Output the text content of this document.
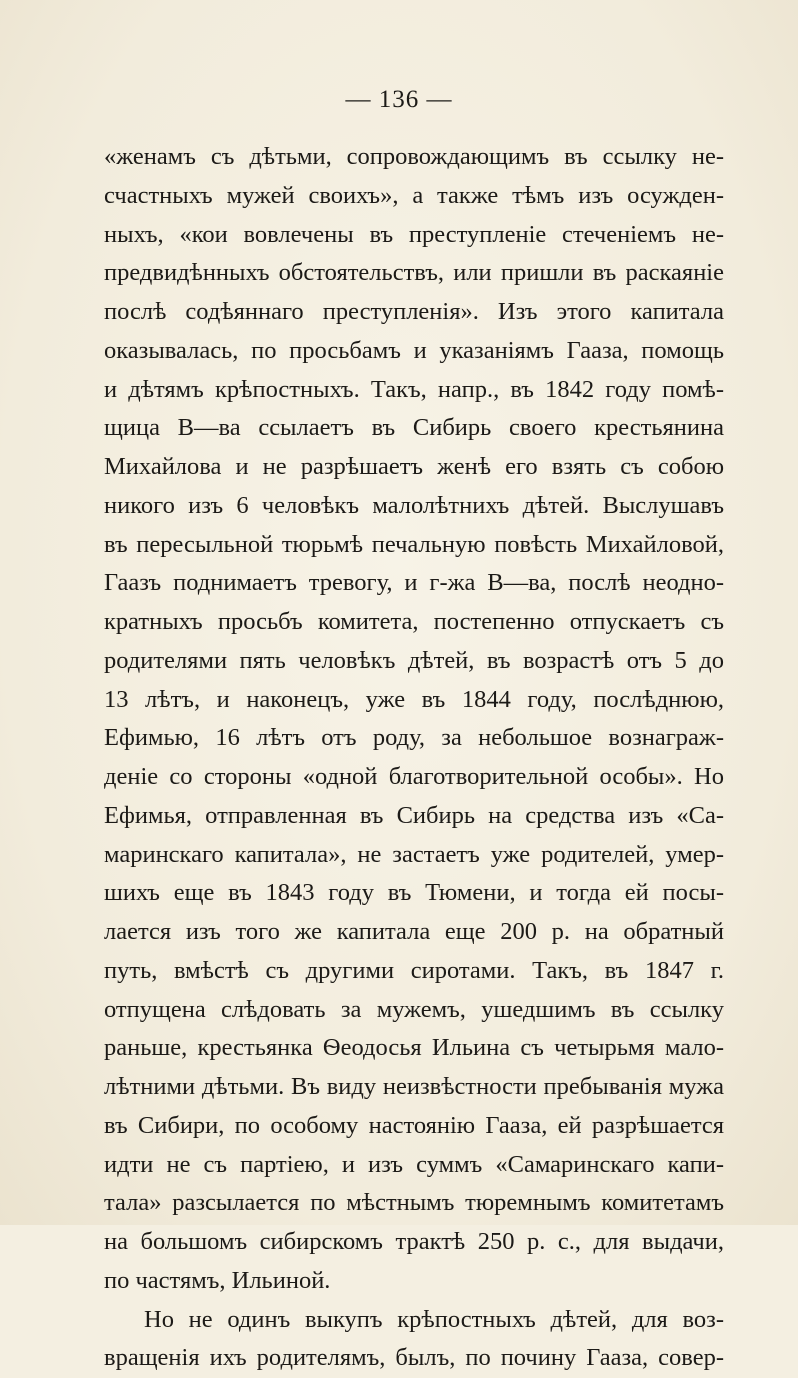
— 136 —
«женамъ съ дѣтьми, сопровождающимъ въ ссылку не-
счастныхъ мужей своихъ», а также тѣмъ изъ осужден-
ныхъ, «кои вовлечены въ преступленіе стеченіемъ не-
предвидѣнныхъ обстоятельствъ, или пришли въ раскаяніе
послѣ содѣяннаго преступленія». Изъ этого капитала
оказывалась, по просьбамъ и указаніямъ Гааза, помощь
и дѣтямъ крѣпостныхъ. Такъ, напр., въ 1842 году помѣ-
щица В—ва ссылаетъ въ Сибирь своего крестьянина
Михайлова и не разрѣшаетъ женѣ его взять съ собою
никого изъ 6 человѣкъ малолѣтнихъ дѣтей. Выслушавъ
въ пересыльной тюрьмѣ печальную повѣсть Михайловой,
Гаазъ поднимаетъ тревогу, и г-жа В—ва, послѣ неодно-
кратныхъ просьбъ комитета, постепенно отпускаетъ съ
родителями пять человѣкъ дѣтей, въ возрастѣ отъ 5 до
13 лѣтъ, и наконецъ, уже въ 1844 году, послѣднюю,
Ефимью, 16 лѣтъ отъ роду, за небольшое вознаграж-
деніе со стороны «одной благотворительной особы». Но
Ефимья, отправленная въ Сибирь на средства изъ «Са-
маринскаго капитала», не застаетъ уже родителей, умер-
шихъ еще въ 1843 году въ Тюмени, и тогда ей посы-
лается изъ того же капитала еще 200 р. на обратный
путь, вмѣстѣ съ другими сиротами. Такъ, въ 1847 г.
отпущена слѣдовать за мужемъ, ушедшимъ въ ссылку
раньше, крестьянка Ѳеодосья Ильина съ четырьмя мало-
лѣтними дѣтьми. Въ виду неизвѣстности пребыванія мужа
въ Сибири, по особому настоянію Гааза, ей разрѣшается
идти не съ партіею, и изъ суммъ «Самаринскаго капи-
тала» разсылается по мѣстнымъ тюремнымъ комитетамъ
на большомъ сибирскомъ трактѣ 250 р. с., для выдачи,
по частямъ, Ильиной.
Но не одинъ выкупъ крѣпостныхъ дѣтей, для воз-
вращенія ихъ родителямъ, былъ, по почину Гааза, совер-
